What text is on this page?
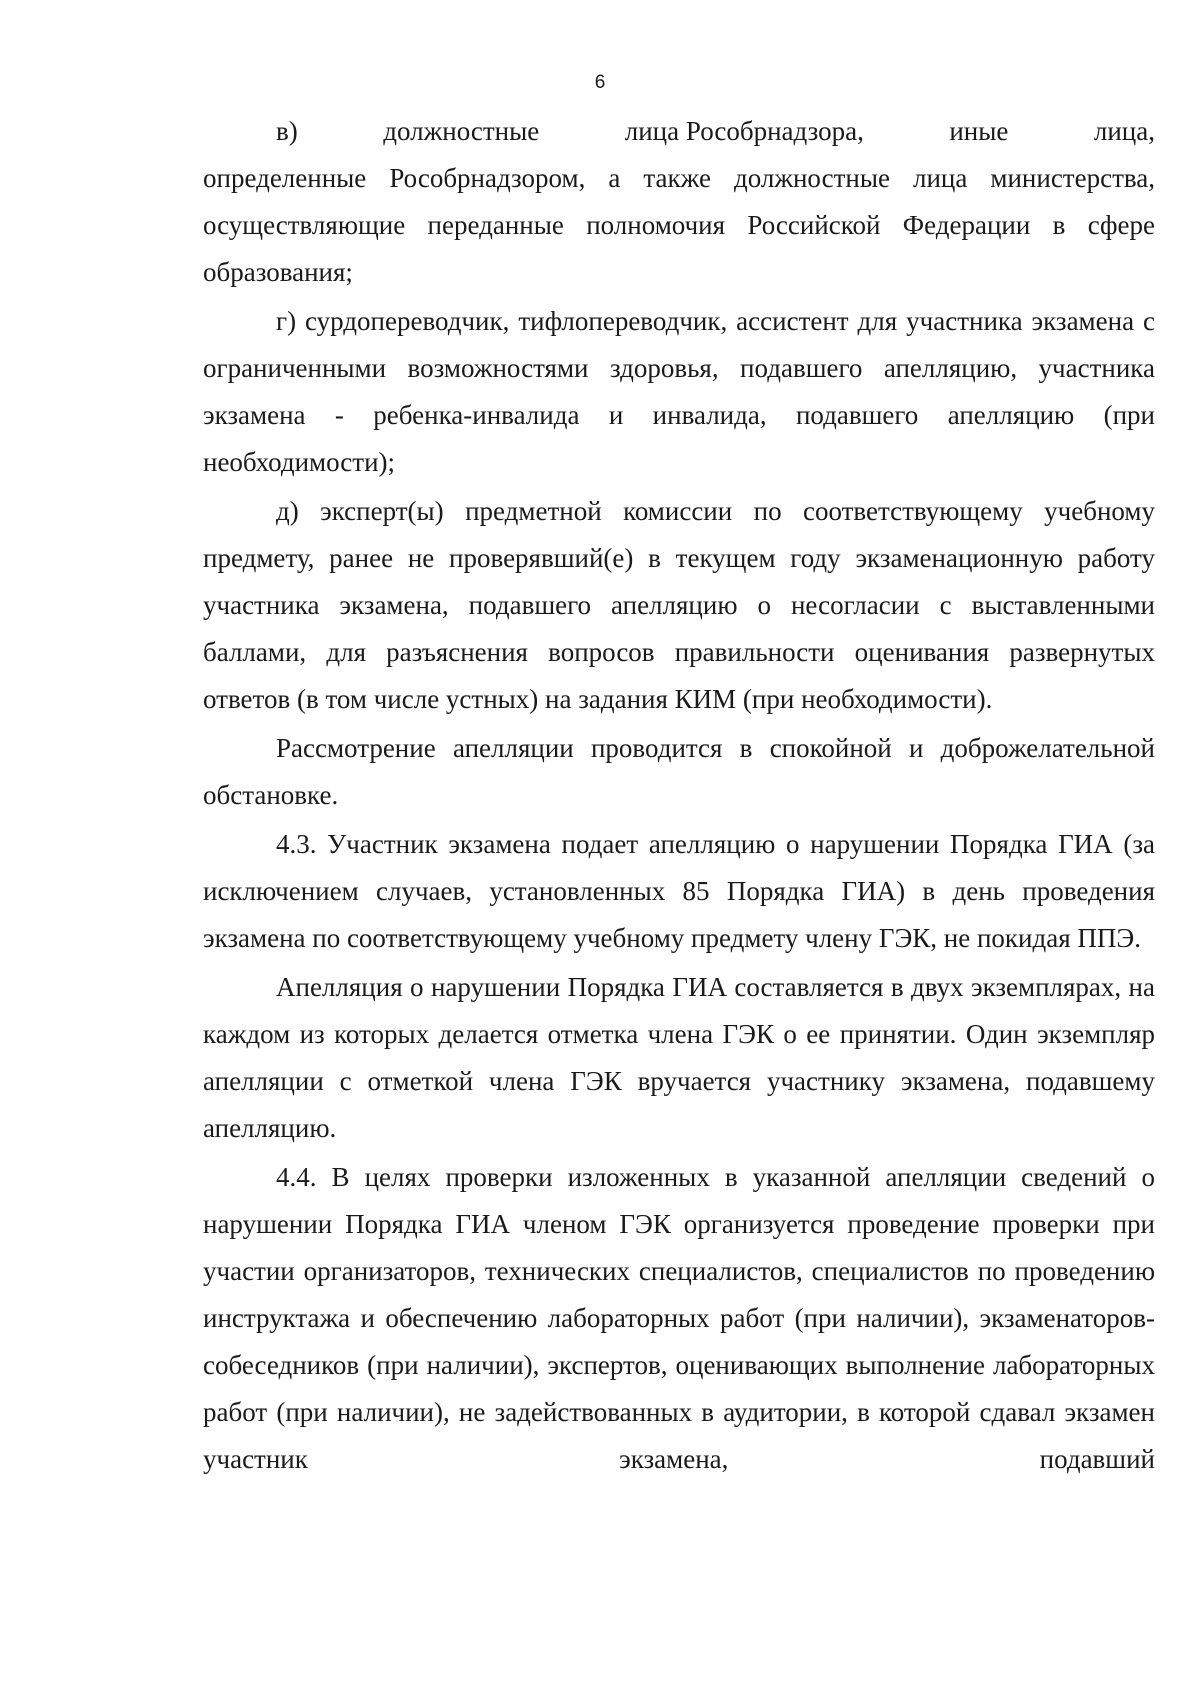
6
в)	должностные	лица Рособрнадзора,	иные	лица,
определенные Рособрнадзором, а также должностные лица министерства, осуществляющие переданные полномочия Российской Федерации в сфере образования;

г) сурдопереводчик, тифлопереводчик, ассистент для участника экзамена с ограниченными возможностями здоровья, подавшего апелляцию, участника экзамена - ребенка-инвалида и инвалида, подавшего апелляцию (при необходимости);

д) эксперт(ы) предметной комиссии по соответствующему учебному предмету, ранее не проверявший(е) в текущем году экзаменационную работу участника экзамена, подавшего апелляцию о несогласии с выставленными баллами, для разъяснения вопросов правильности оценивания развернутых ответов (в том числе устных) на задания КИМ (при необходимости).

Рассмотрение апелляции проводится в спокойной и доброжелательной обстановке.

4.3. Участник экзамена подает апелляцию о нарушении Порядка ГИА (за исключением случаев, установленных 85 Порядка ГИА) в день проведения экзамена по соответствующему учебному предмету члену ГЭК, не покидая ППЭ.

Апелляция о нарушении Порядка ГИА составляется в двух экземплярах, на каждом из которых делается отметка члена ГЭК о ее принятии. Один экземпляр апелляции с отметкой члена ГЭК вручается участнику экзамена, подавшему апелляцию.

4.4. В целях проверки изложенных в указанной апелляции сведений о нарушении Порядка ГИА членом ГЭК организуется проведение проверки при участии организаторов, технических специалистов, специалистов по проведению инструктажа и обеспечению лабораторных работ (при наличии), экзаменаторов-собеседников (при наличии), экспертов, оценивающих выполнение лабораторных работ (при наличии), не задействованных в аудитории, в которой сдавал экзамен участник экзамена, подавший
